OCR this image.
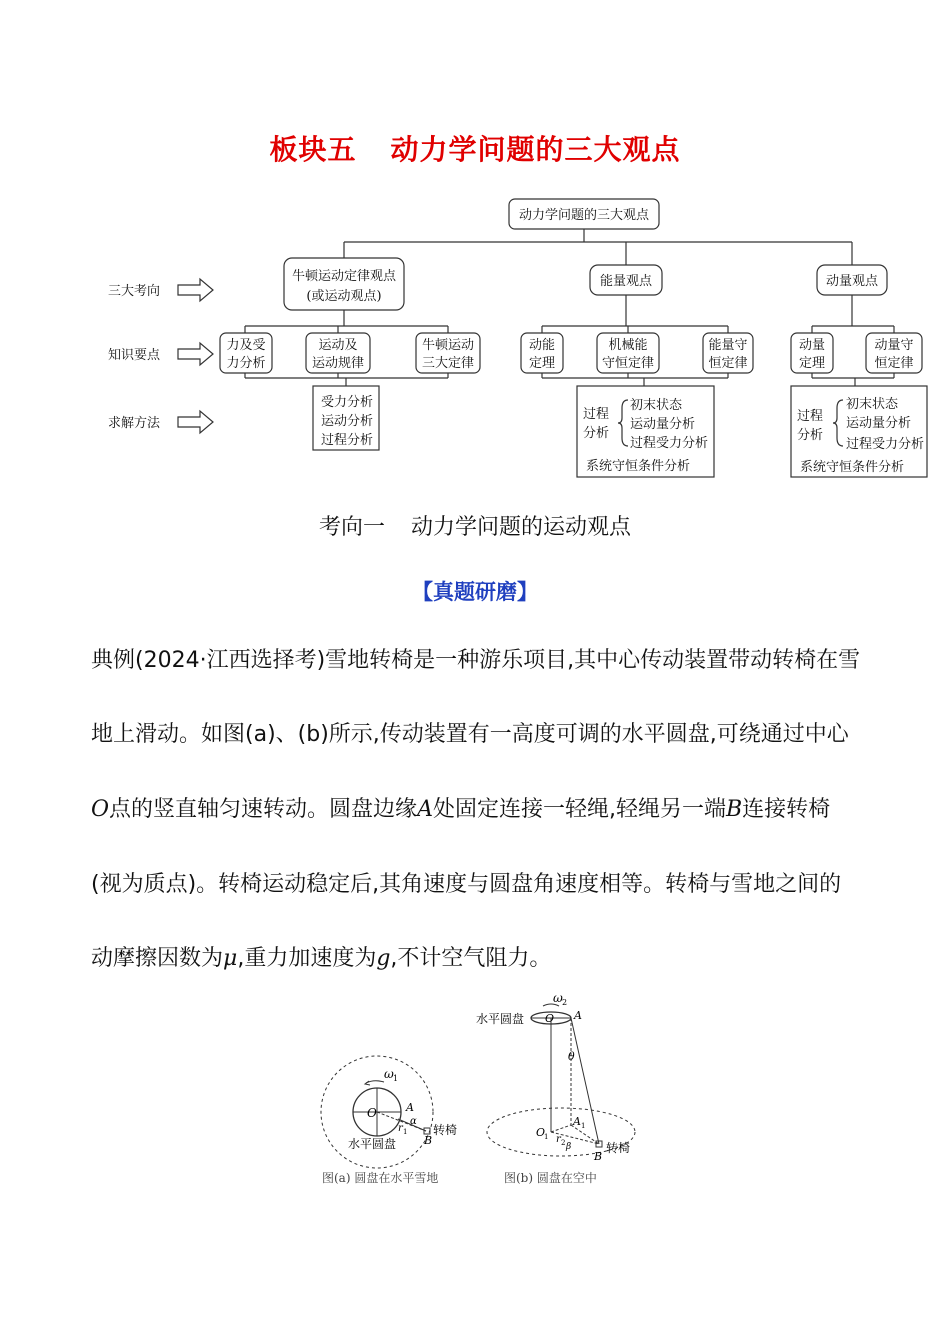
板块五 动力学问题的三大观点
动力学问题的三大观点
三大考向
知识要点
求解方法
牛顿运动定律观点
(或运动观点)
能量观点	动量观点
力及受
力分析
运动及
运动规律
牛顿运动
三大定律
动能
定理
机械能
守恒定律
能量守
恒定律
动量
定理
动量守
恒定律
受力分析
运动分析
过程分析
过程
分析
初末状态
运动量分析
过程受力分析
系统守恒条件分析
过程
分析
初末状态
运动量分析
过程受力分析
系统守恒条件分析
考向一 动力学问题的运动观点
【真题研磨】
典例(2024·江西选择考)雪地转椅是一种游乐项目,其中心传动装置带动转椅在雪
地上滑动。如图(a)、(b)所示,传动装置有一高度可调的水平圆盘,可绕通过中心
O点的竖直轴匀速转动。圆盘边缘A处固定连接一轻绳,轻绳另一端B连接转椅
(视为质点)。转椅运动稳定后,其角速度与圆盘角速度相等。转椅与雪地之间的
动摩擦因数为μ,重力加速度为g,不计空气阻力。
ω 1
O	A
α
r 1
B
转椅
水平圆盘
图(a) 圆盘在水平雪地
ω 2
O A
水平圆盘
θ
O
1
A 1
r 2 β
B
转椅
图(b) 圆盘在空中
